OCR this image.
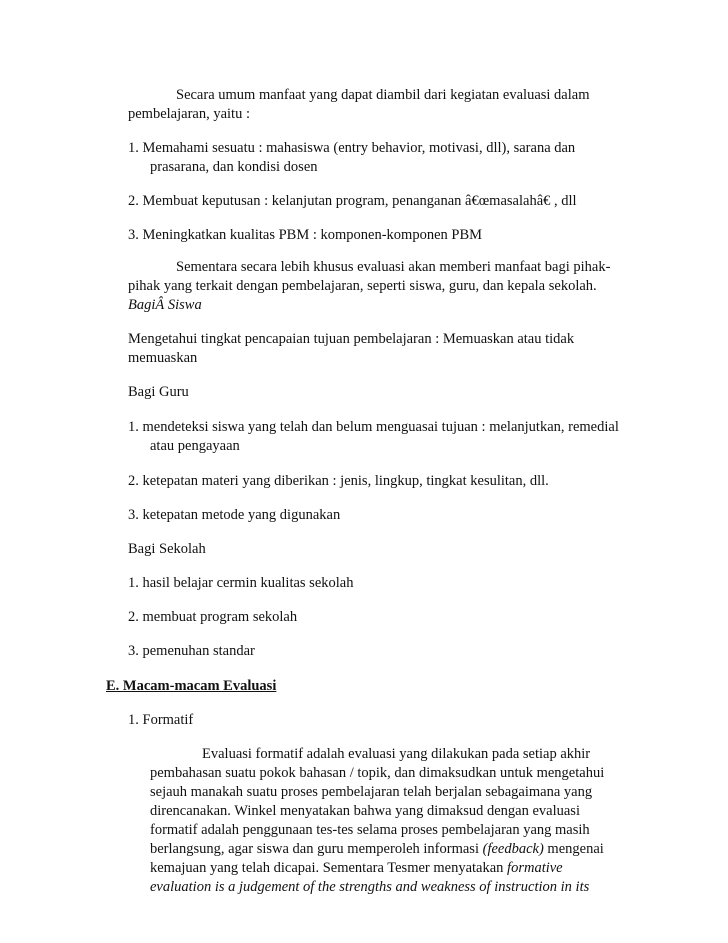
Secara umum manfaat yang dapat diambil dari kegiatan evaluasi dalam

pembelajaran, yaitu :

1. Memahami sesuatu : mahasiswa (entry behavior, motivasi, dll), sarana dan

prasarana, dan kondisi dosen

2. Membuat keputusan : kelanjutan program, penanganan â€œmasalahâ€ , dll

3. Meningkatkan kualitas PBM : komponen-komponen PBM

Sementara secara lebih khusus evaluasi akan memberi manfaat bagi pihak-

pihak yang terkait dengan pembelajaran, seperti siswa, guru, dan kepala sekolah.

BagiÂ Siswa

Mengetahui tingkat pencapaian tujuan pembelajaran : Memuaskan atau tidak

memuaskan

Bagi Guru

1. mendeteksi siswa yang telah dan belum menguasai tujuan : melanjutkan, remedial

atau pengayaan

2. ketepatan materi yang diberikan : jenis, lingkup, tingkat kesulitan, dll.

3. ketepatan metode yang digunakan

Bagi Sekolah

1. hasil belajar cermin kualitas sekolah

2. membuat program sekolah

3. pemenuhan standar

E. Macam-macam Evaluasi

1. Formatif

Evaluasi formatif adalah evaluasi yang dilakukan pada setiap akhir

pembahasan suatu pokok bahasan / topik, dan dimaksudkan untuk mengetahui

sejauh manakah suatu proses pembelajaran telah berjalan sebagaimana yang

direncanakan. Winkel menyatakan bahwa yang dimaksud dengan evaluasi

formatif adalah penggunaan tes-tes selama proses pembelajaran yang masih

berlangsung, agar siswa dan guru memperoleh informasi (feedback) mengenai

kemajuan yang telah dicapai. Sementara Tesmer menyatakan formative

evaluation is a judgement of the strengths and weakness of instruction in its
